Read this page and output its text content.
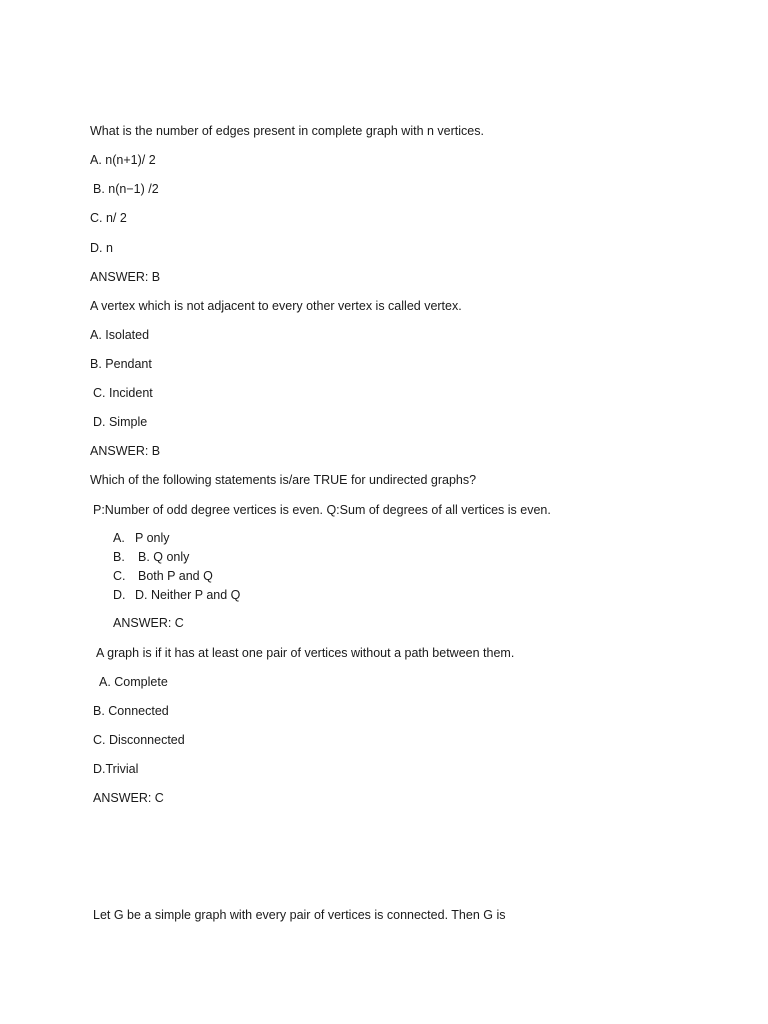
What is the number of edges present in complete graph with n vertices.
A. n(n+1)/ 2
B. n(n−1) /2
C. n/ 2
D. n
ANSWER: B
A vertex which is not adjacent to every other vertex is called vertex.
A. Isolated
B. Pendant
C. Incident
D. Simple
ANSWER: B
Which of the following statements is/are TRUE for undirected graphs?
P:Number of odd degree vertices is even. Q:Sum of degrees of all vertices is even.
A. P only
B. B. Q only
C. Both P and Q
D. D. Neither P and Q
ANSWER: C
A graph is if it has at least one pair of vertices without a path between them.
A. Complete
B. Connected
C. Disconnected
D.Trivial
ANSWER: C
Let G be a simple graph with every pair of vertices is connected. Then G is
